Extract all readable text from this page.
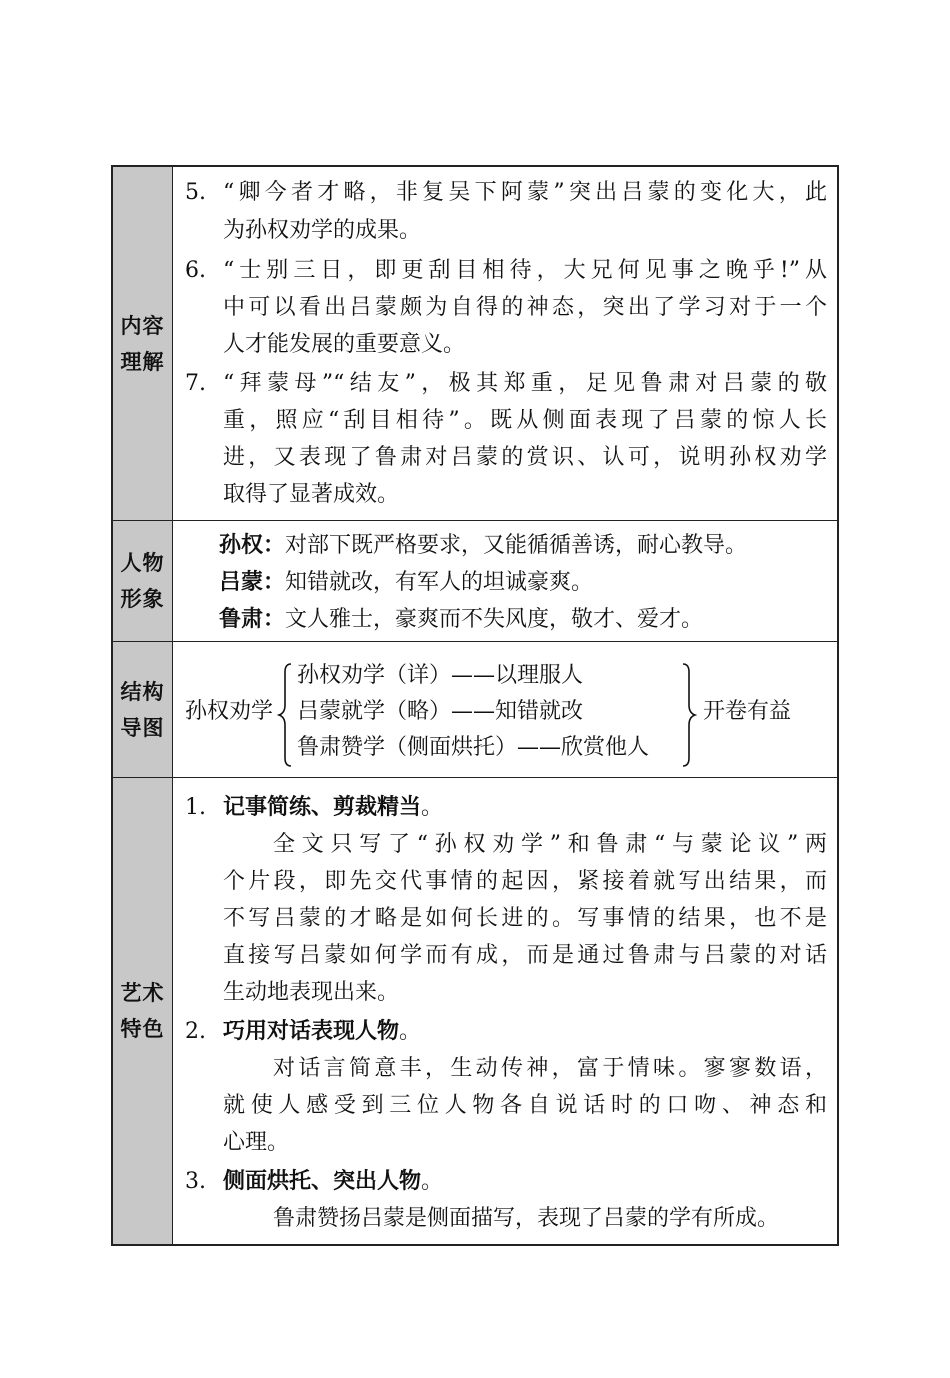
内容理解
5. “卿今者才略，非复吴下阿蒙”突出吕蒙的变化大，此
为孙权劝学的成果。
6. “士别三日，即更刮目相待，大兄何见事之晚乎!”从
中可以看出吕蒙颇为自得的神态，突出了学习对于一个
人才能发展的重要意义。
7. “拜蒙母”“结友”，极其郑重，足见鲁肃对吕蒙的敬
重，照应“刮目相待”。既从侧面表现了吕蒙的惊人长
进，又表现了鲁肃对吕蒙的赏识、认可，说明孙权劝学
取得了显著成效。
人物形象
孙权：对部下既严格要求，又能循循善诱，耐心教导。
吕蒙：知错就改，有军人的坦诚豪爽。
鲁肃：文人雅士，豪爽而不失风度，敬才、爱才。
结构导图
孙权劝学
孙权劝学（详）——以理服人
吕蒙就学（略）——知错就改
鲁肃赞学（侧面烘托）——欣赏他人
开卷有益
艺术特色
1. 记事简练、剪裁精当。
全文只写了“孙权劝学”和鲁肃“与蒙论议”两
个片段，即先交代事情的起因，紧接着就写出结果，而
不写吕蒙的才略是如何长进的。写事情的结果，也不是
直接写吕蒙如何学而有成，而是通过鲁肃与吕蒙的对话
生动地表现出来。
2. 巧用对话表现人物。
对话言简意丰，生动传神，富于情味。寥寥数语，
就使人感受到三位人物各自说话时的口吻、神态和
心理。
3. 侧面烘托、突出人物。
鲁肃赞扬吕蒙是侧面描写，表现了吕蒙的学有所成。
